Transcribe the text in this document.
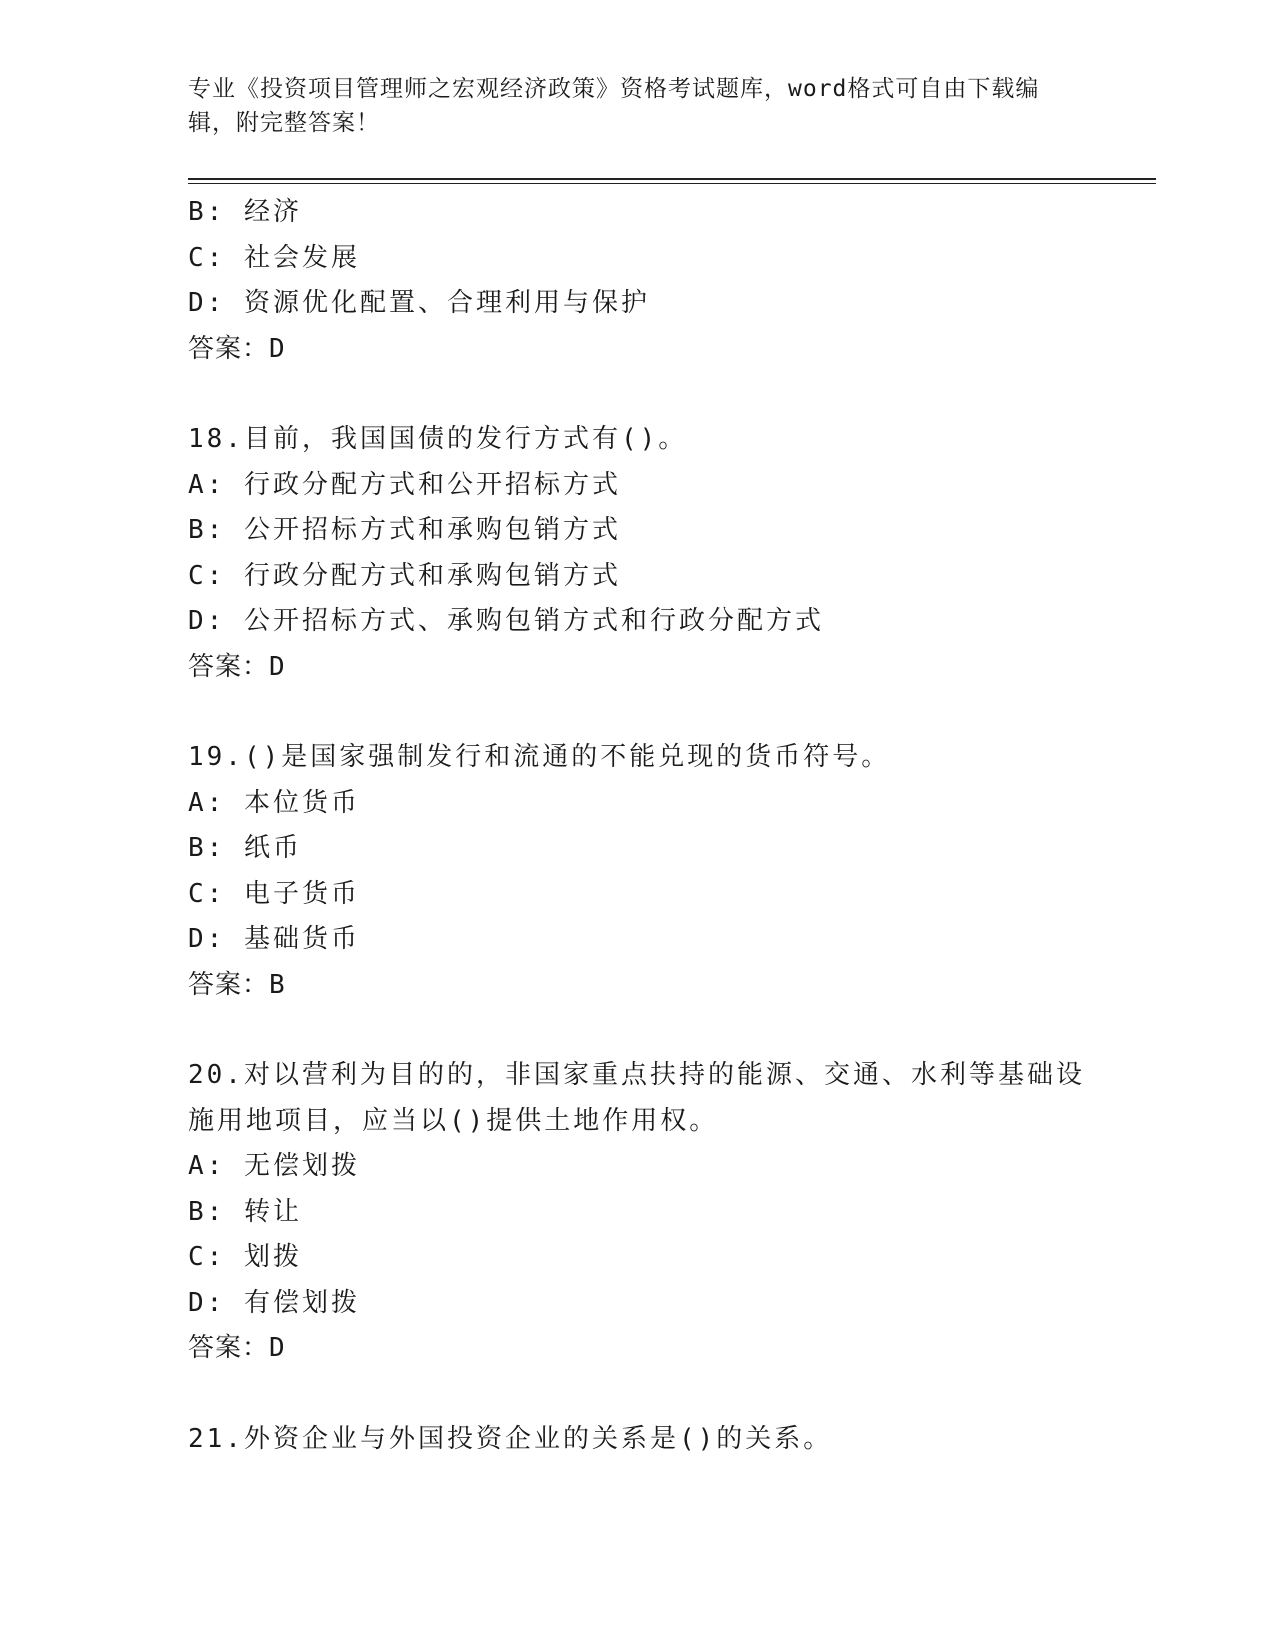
专业《投资项目管理师之宏观经济政策》资格考试题库，word格式可自由下载编辑，附完整答案！
B: 经济
C: 社会发展
D: 资源优化配置、合理利用与保护
答案：D
18.目前，我国国债的发行方式有()。
A: 行政分配方式和公开招标方式
B: 公开招标方式和承购包销方式
C: 行政分配方式和承购包销方式
D: 公开招标方式、承购包销方式和行政分配方式
答案：D
19.()是国家强制发行和流通的不能兑现的货币符号。
A: 本位货币
B: 纸币
C: 电子货币
D: 基础货币
答案：B
20.对以营利为目的的，非国家重点扶持的能源、交通、水利等基础设
施用地项目，应当以()提供土地作用权。
A: 无偿划拨
B: 转让
C: 划拨
D: 有偿划拨
答案：D
21.外资企业与外国投资企业的关系是()的关系。
